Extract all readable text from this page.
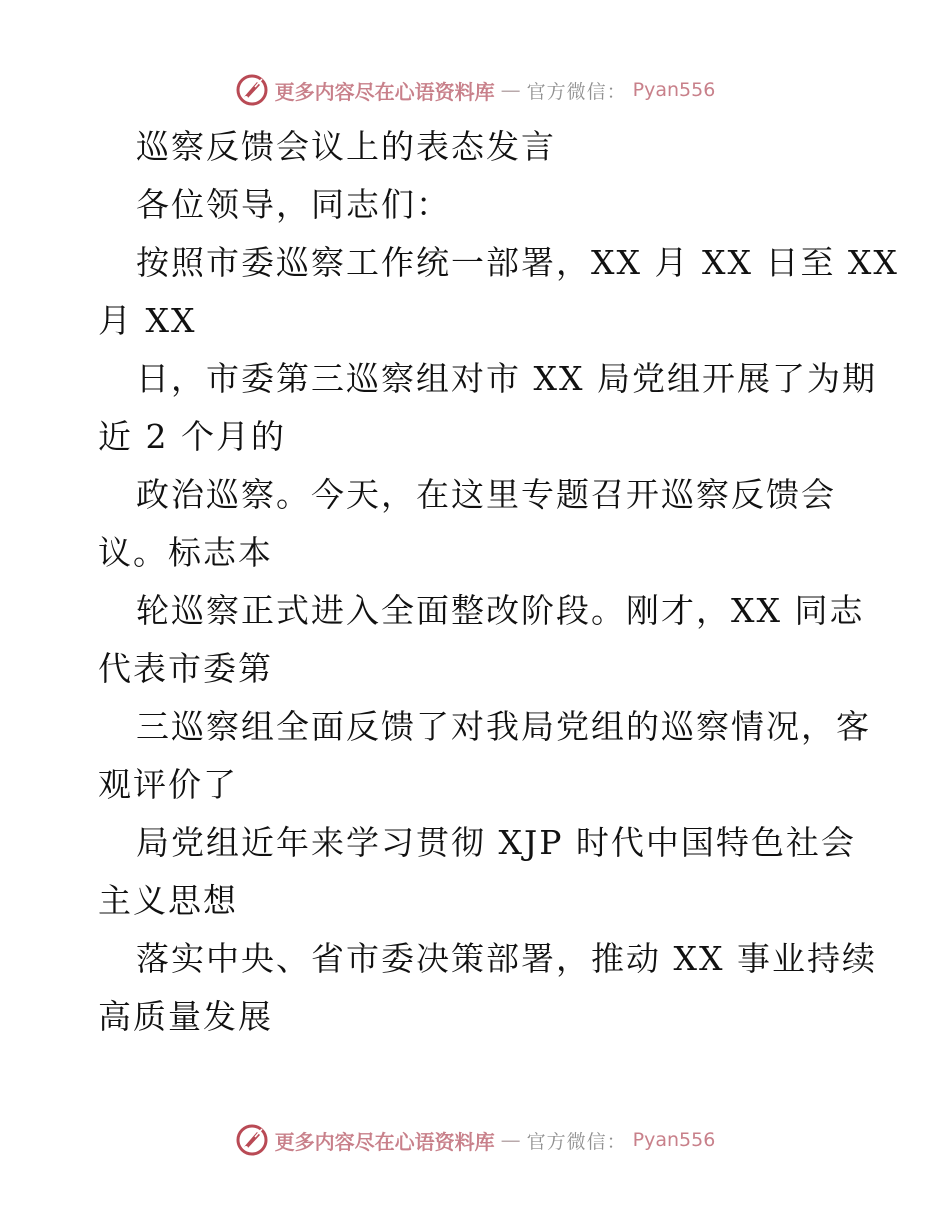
更多内容尽在心语资料库 — 官方微信： Pyan556
巡察反馈会议上的表态发言
各位领导，同志们：
按照市委巡察工作统一部署，XX 月 XX 日至 XX
月 XX
日，市委第三巡察组对市 XX 局党组开展了为期
近 2 个月的
政治巡察。今天，在这里专题召开巡察反馈会
议。标志本
轮巡察正式进入全面整改阶段。刚才，XX 同志
代表市委第
三巡察组全面反馈了对我局党组的巡察情况，客
观评价了
局党组近年来学习贯彻 XJP 时代中国特色社会
主义思想
落实中央、省市委决策部署，推动 XX 事业持续
高质量发展
更多内容尽在心语资料库 — 官方微信： Pyan556
